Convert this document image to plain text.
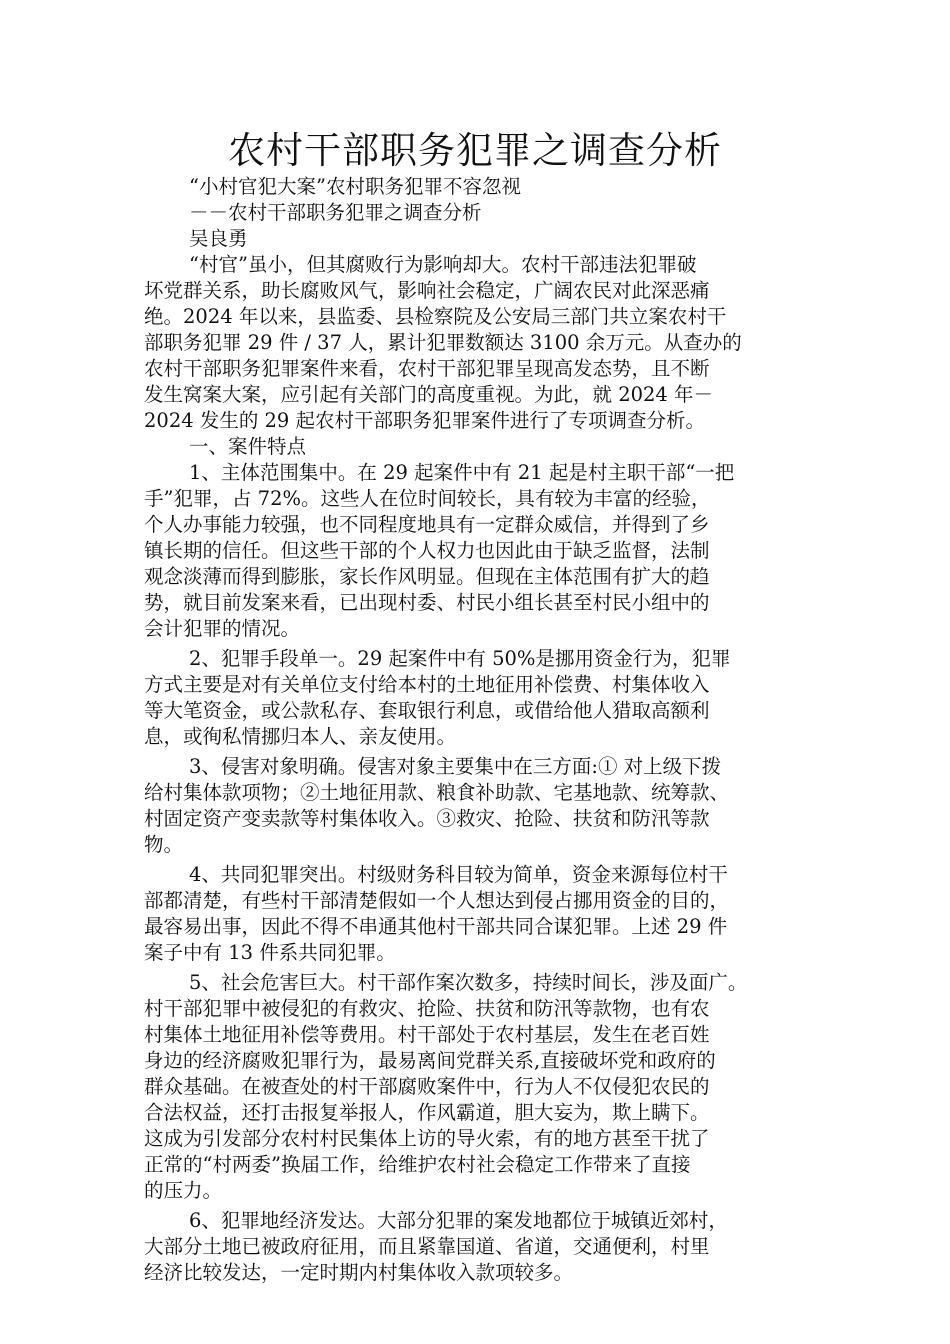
农村干部职务犯罪之调查分析
“小村官犯大案”农村职务犯罪不容忽视
－－农村干部职务犯罪之调查分析
吴良勇
“村官”虽小，但其腐败行为影响却大。农村干部违法犯罪破
坏党群关系，助长腐败风气，影响社会稳定，广阔农民对此深恶痛
绝。2024 年以来，县监委、县检察院及公安局三部门共立案农村干
部职务犯罪 29 件 / 37 人，累计犯罪数额达 3100 余万元。从查办的
农村干部职务犯罪案件来看，农村干部犯罪呈现高发态势，且不断
发生窝案大案，应引起有关部门的高度重视。为此，就 2024 年－
2024 发生的 29 起农村干部职务犯罪案件进行了专项调查分析。
一、案件特点
1、主体范围集中。在 29 起案件中有 21 起是村主职干部“一把
手”犯罪，占 72%。这些人在位时间较长，具有较为丰富的经验，
个人办事能力较强，也不同程度地具有一定群众威信，并得到了乡
镇长期的信任。但这些干部的个人权力也因此由于缺乏监督，法制
观念淡薄而得到膨胀，家长作风明显。但现在主体范围有扩大的趋
势，就目前发案来看，已出现村委、村民小组长甚至村民小组中的
会计犯罪的情况。
2、犯罪手段单一。29 起案件中有 50%是挪用资金行为，犯罪
方式主要是对有关单位支付给本村的土地征用补偿费、村集体收入
等大笔资金，或公款私存、套取银行利息，或借给他人猎取高额利
息，或徇私情挪归本人、亲友使用。
3、侵害对象明确。侵害对象主要集中在三方面:① 对上级下拨
给村集体款项物；②土地征用款、粮食补助款、宅基地款、统筹款、
村固定资产变卖款等村集体收入。③救灾、抢险、扶贫和防汛等款
物。
4、共同犯罪突出。村级财务科目较为简单，资金来源每位村干
部都清楚，有些村干部清楚假如一个人想达到侵占挪用资金的目的，
最容易出事，因此不得不串通其他村干部共同合谋犯罪。上述 29 件
案子中有 13 件系共同犯罪。
5、社会危害巨大。村干部作案次数多，持续时间长，涉及面广。
村干部犯罪中被侵犯的有救灾、抢险、扶贫和防汛等款物，也有农
村集体土地征用补偿等费用。村干部处于农村基层，发生在老百姓
身边的经济腐败犯罪行为，最易离间党群关系,直接破坏党和政府的
群众基础。在被查处的村干部腐败案件中，行为人不仅侵犯农民的
合法权益，还打击报复举报人，作风霸道，胆大妄为，欺上瞒下。
这成为引发部分农村村民集体上访的导火索，有的地方甚至干扰了
正常的“村两委”换届工作，给维护农村社会稳定工作带来了直接
的压力。
6、犯罪地经济发达。大部分犯罪的案发地都位于城镇近郊村，
大部分土地已被政府征用，而且紧靠国道、省道，交通便利，村里
经济比较发达，一定时期内村集体收入款项较多。
